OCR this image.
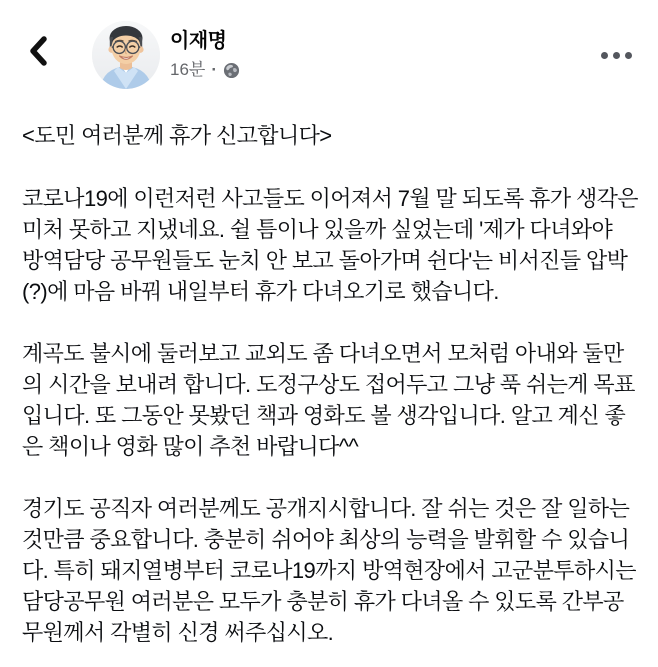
이재명
16분 ·

<도민 여러분께 휴가 신고합니다>

코로나19에 이런저런 사고들도 이어져서 7월 말 되도록 휴가 생각은 미처 못하고 지냈네요. 쉴 틈이나 있을까 싶었는데 '제가 다녀와야 방역담당 공무원들도 눈치 안 보고 돌아가며 쉰다'는 비서진들 압박(?)에 마음 바꿔 내일부터 휴가 다녀오기로 했습니다.

계곡도 불시에 둘러보고 교외도 좀 다녀오면서 모처럼 아내와 둘만의 시간을 보내려 합니다. 도정구상도 접어두고 그냥 푹 쉬는게 목표입니다. 또 그동안 못봤던 책과 영화도 볼 생각입니다. 알고 계신 좋은 책이나 영화 많이 추천 바랍니다^^

경기도 공직자 여러분께도 공개지시합니다. 잘 쉬는 것은 잘 일하는 것만큼 중요합니다. 충분히 쉬어야 최상의 능력을 발휘할 수 있습니다. 특히 돼지열병부터 코로나19까지 방역현장에서 고군분투하시는 담당공무원 여러분은 모두가 충분히 휴가 다녀올 수 있도록 간부공무원께서 각별히 신경 써주십시오.
